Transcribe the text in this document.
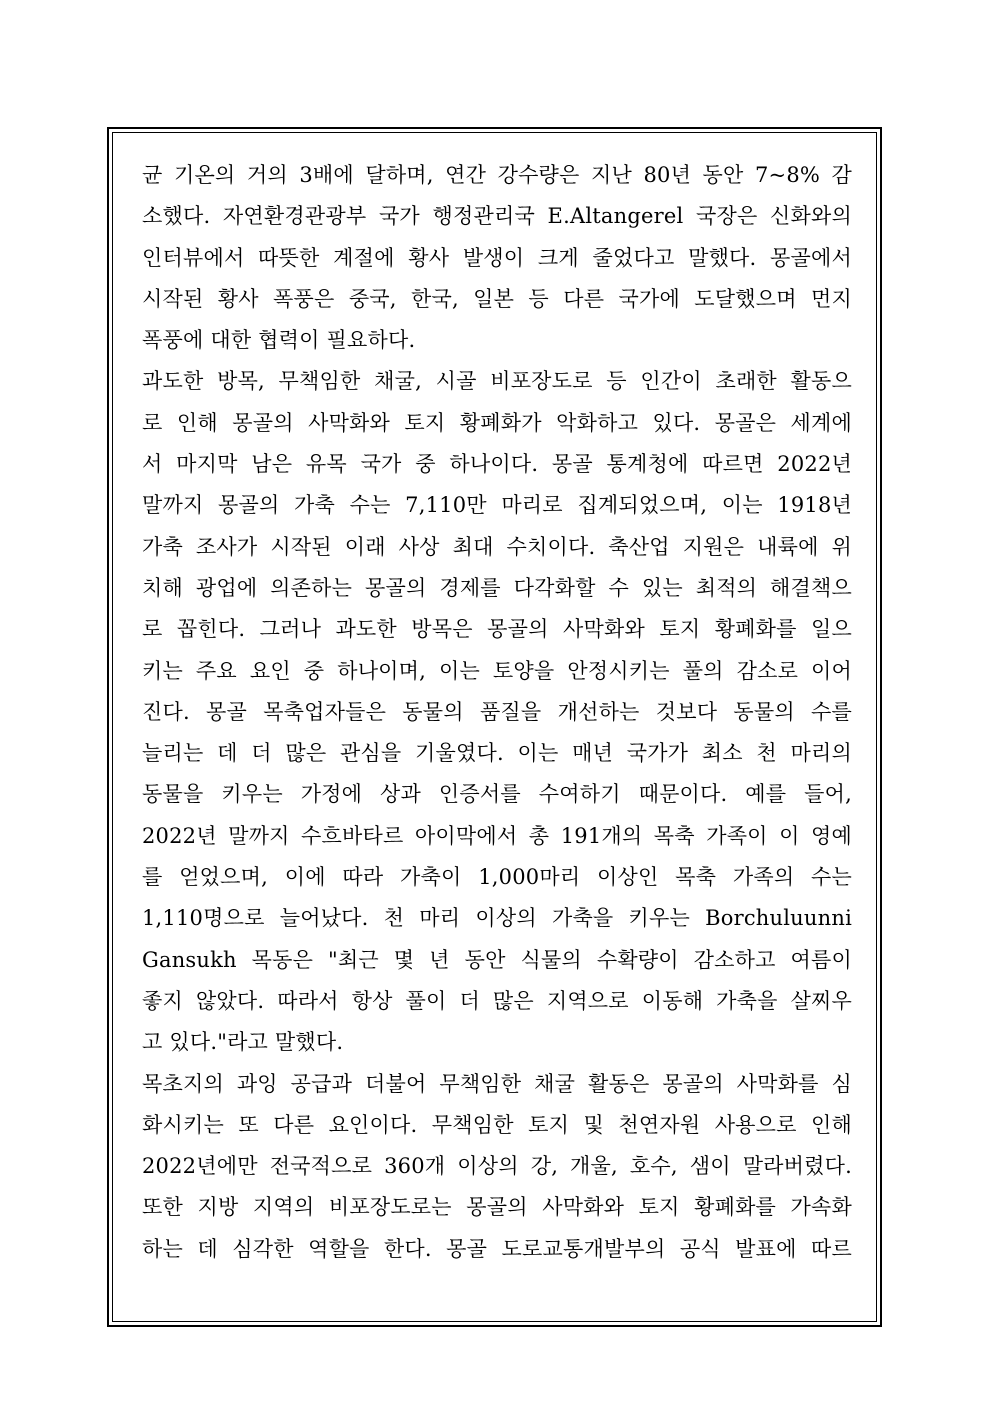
균 기온의 거의 3배에 달하며, 연간 강수량은 지난 80년 동안 7~8% 감
소했다. 자연환경관광부 국가 행정관리국 E.Altangerel 국장은 신화와의
인터뷰에서 따뜻한 계절에 황사 발생이 크게 줄었다고 말했다. 몽골에서
시작된 황사 폭풍은 중국, 한국, 일본 등 다른 국가에 도달했으며 먼지
폭풍에 대한 협력이 필요하다.
과도한 방목, 무책임한 채굴, 시골 비포장도로 등 인간이 초래한 활동으
로 인해 몽골의 사막화와 토지 황폐화가 악화하고 있다. 몽골은 세계에
서 마지막 남은 유목 국가 중 하나이다. 몽골 통계청에 따르면 2022년
말까지 몽골의 가축 수는 7,110만 마리로 집계되었으며, 이는 1918년
가축 조사가 시작된 이래 사상 최대 수치이다. 축산업 지원은 내륙에 위
치해 광업에 의존하는 몽골의 경제를 다각화할 수 있는 최적의 해결책으
로 꼽힌다. 그러나 과도한 방목은 몽골의 사막화와 토지 황폐화를 일으
키는 주요 요인 중 하나이며, 이는 토양을 안정시키는 풀의 감소로 이어
진다. 몽골 목축업자들은 동물의 품질을 개선하는 것보다 동물의 수를
늘리는 데 더 많은 관심을 기울였다. 이는 매년 국가가 최소 천 마리의
동물을 키우는 가정에 상과 인증서를 수여하기 때문이다. 예를 들어,
2022년 말까지 수흐바타르 아이막에서 총 191개의 목축 가족이 이 영예
를 얻었으며, 이에 따라 가축이 1,000마리 이상인 목축 가족의 수는
1,110명으로 늘어났다. 천 마리 이상의 가축을 키우는 Borchuluunni
Gansukh 목동은 "최근 몇 년 동안 식물의 수확량이 감소하고 여름이
좋지 않았다. 따라서 항상 풀이 더 많은 지역으로 이동해 가축을 살찌우
고 있다."라고 말했다.
목초지의 과잉 공급과 더불어 무책임한 채굴 활동은 몽골의 사막화를 심
화시키는 또 다른 요인이다. 무책임한 토지 및 천연자원 사용으로 인해
2022년에만 전국적으로 360개 이상의 강, 개울, 호수, 샘이 말라버렸다.
또한 지방 지역의 비포장도로는 몽골의 사막화와 토지 황폐화를 가속화
하는 데 심각한 역할을 한다. 몽골 도로교통개발부의 공식 발표에 따르
